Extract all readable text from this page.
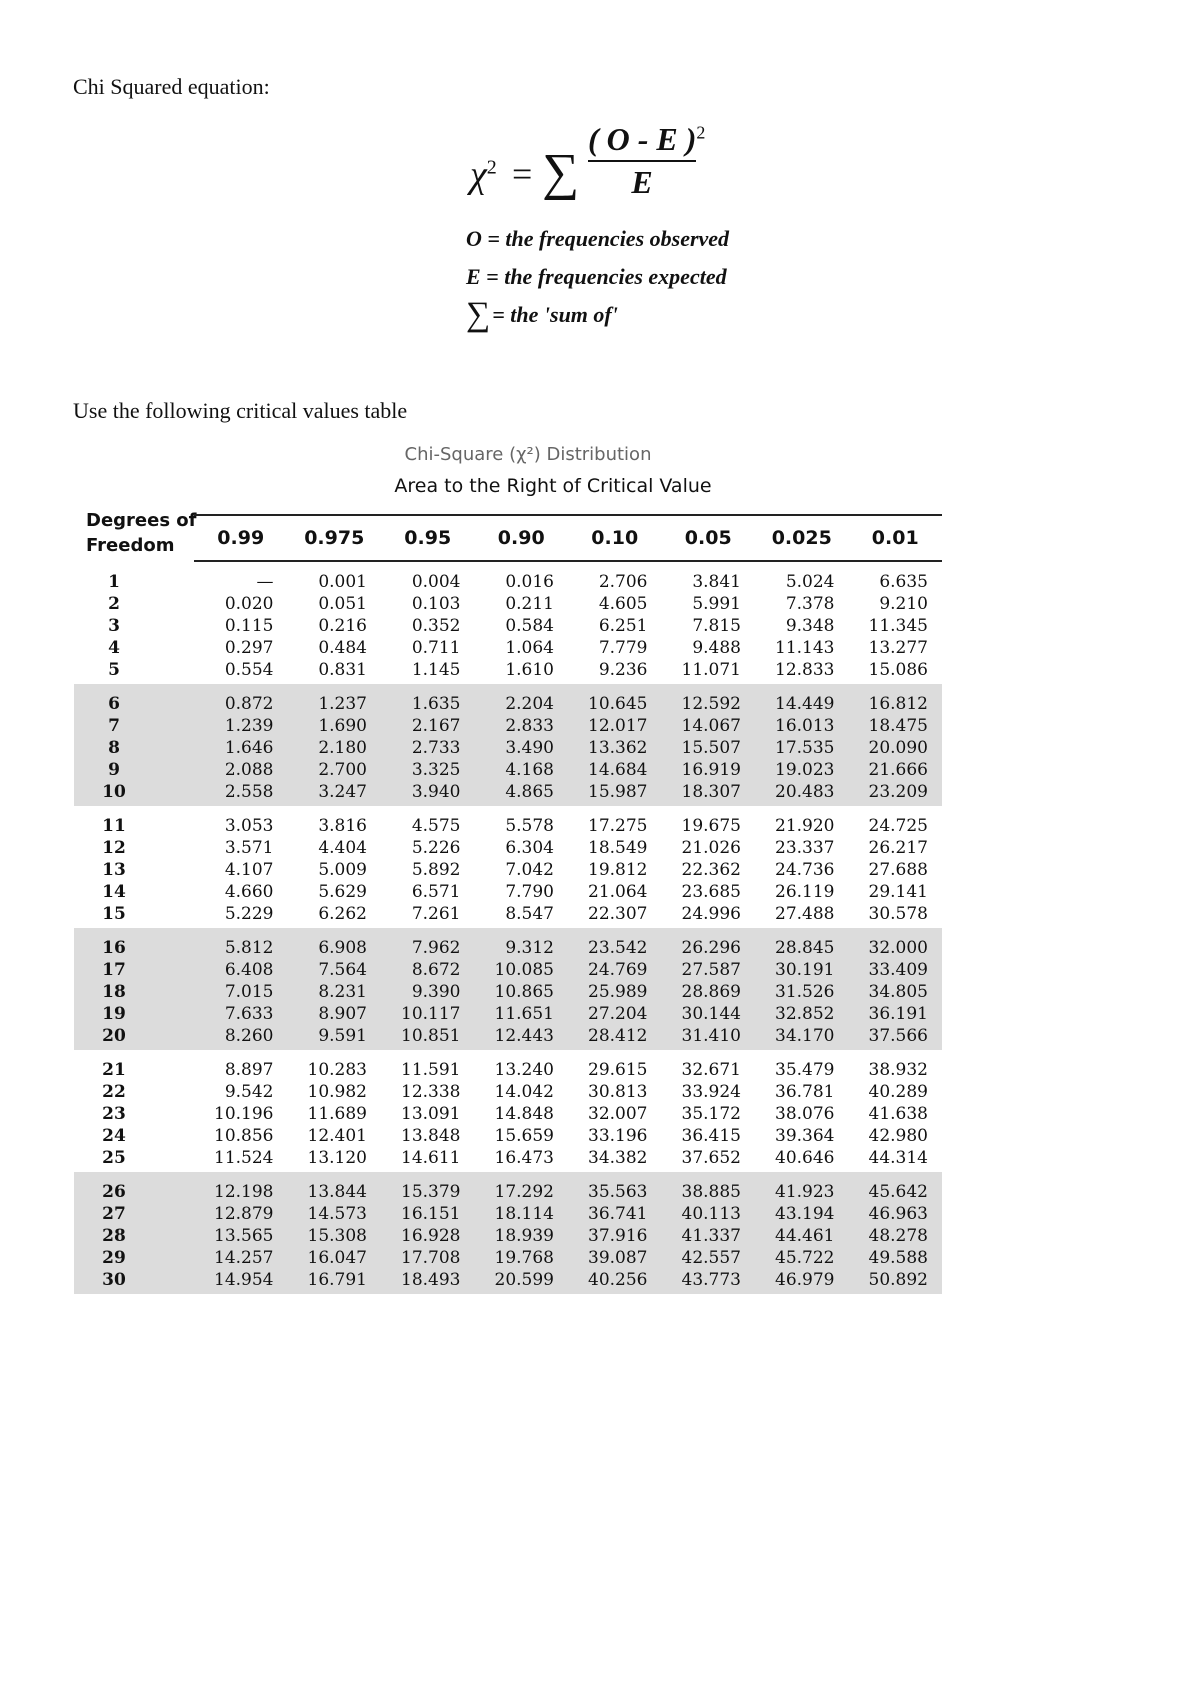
Chi Squared equation:
$\chi^2$ = ∑ $\frac{( O - E )^2}{E}$
O = the frequencies observed
E = the frequencies expected
∑ = the 'sum of'
Use the following critical values table
Chi-Square (χ²) Distribution
Area to the Right of Critical Value
Degrees of
Freedom	0.99	0.975	0.95	0.90	0.10	0.05	0.025	0.01
1	—	0.001	0.004	0.016	2.706	3.841	5.024	6.635
2	0.020	0.051	0.103	0.211	4.605	5.991	7.378	9.210
3	0.115	0.216	0.352	0.584	6.251	7.815	9.348	11.345
4	0.297	0.484	0.711	1.064	7.779	9.488	11.143	13.277
5	0.554	0.831	1.145	1.610	9.236	11.071	12.833	15.086
6	0.872	1.237	1.635	2.204	10.645	12.592	14.449	16.812
7	1.239	1.690	2.167	2.833	12.017	14.067	16.013	18.475
8	1.646	2.180	2.733	3.490	13.362	15.507	17.535	20.090
9	2.088	2.700	3.325	4.168	14.684	16.919	19.023	21.666
10	2.558	3.247	3.940	4.865	15.987	18.307	20.483	23.209
11	3.053	3.816	4.575	5.578	17.275	19.675	21.920	24.725
12	3.571	4.404	5.226	6.304	18.549	21.026	23.337	26.217
13	4.107	5.009	5.892	7.042	19.812	22.362	24.736	27.688
14	4.660	5.629	6.571	7.790	21.064	23.685	26.119	29.141
15	5.229	6.262	7.261	8.547	22.307	24.996	27.488	30.578
16	5.812	6.908	7.962	9.312	23.542	26.296	28.845	32.000
17	6.408	7.564	8.672	10.085	24.769	27.587	30.191	33.409
18	7.015	8.231	9.390	10.865	25.989	28.869	31.526	34.805
19	7.633	8.907	10.117	11.651	27.204	30.144	32.852	36.191
20	8.260	9.591	10.851	12.443	28.412	31.410	34.170	37.566
21	8.897	10.283	11.591	13.240	29.615	32.671	35.479	38.932
22	9.542	10.982	12.338	14.042	30.813	33.924	36.781	40.289
23	10.196	11.689	13.091	14.848	32.007	35.172	38.076	41.638
24	10.856	12.401	13.848	15.659	33.196	36.415	39.364	42.980
25	11.524	13.120	14.611	16.473	34.382	37.652	40.646	44.314
26	12.198	13.844	15.379	17.292	35.563	38.885	41.923	45.642
27	12.879	14.573	16.151	18.114	36.741	40.113	43.194	46.963
28	13.565	15.308	16.928	18.939	37.916	41.337	44.461	48.278
29	14.257	16.047	17.708	19.768	39.087	42.557	45.722	49.588
30	14.954	16.791	18.493	20.599	40.256	43.773	46.979	50.892
